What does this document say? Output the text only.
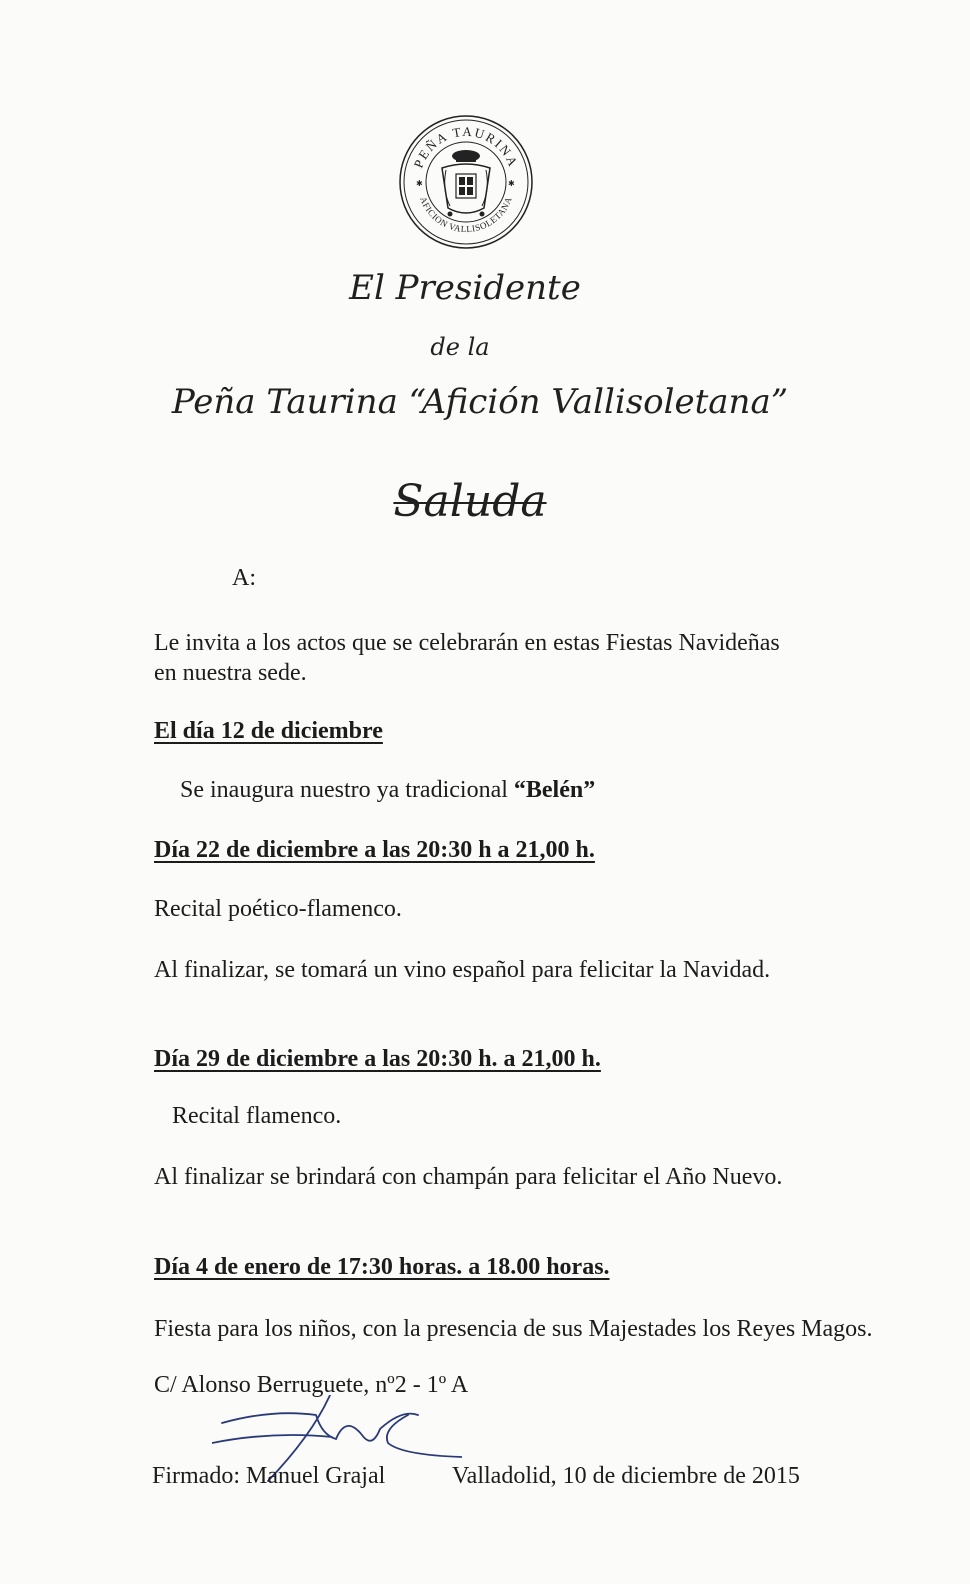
PEÑA TAURINA
AFICION VALLISOLETANA
✱	✱
El Presidente
de la
Peña Taurina “Afición Vallisoletana”
Saluda
A:
Le invita a los actos que se celebrarán en estas Fiestas Navideñas
en nuestra sede.
El día 12 de diciembre
Se inaugura nuestro ya tradicional “Belén”
Día 22 de diciembre a las 20:30 h a 21,00 h.
Recital poético-flamenco.
Al finalizar, se tomará un vino español para felicitar la Navidad.
Día 29 de diciembre a las 20:30 h. a 21,00 h.
Recital flamenco.
Al finalizar se brindará con champán para felicitar el Año Nuevo.
Día 4 de enero de 17:30 horas. a 18.00 horas.
Fiesta para los niños, con la presencia de sus Majestades los Reyes Magos.
C/ Alonso Berruguete, nº2 - 1º A
Firmado: Manuel Grajal	Valladolid, 10 de diciembre de 2015
